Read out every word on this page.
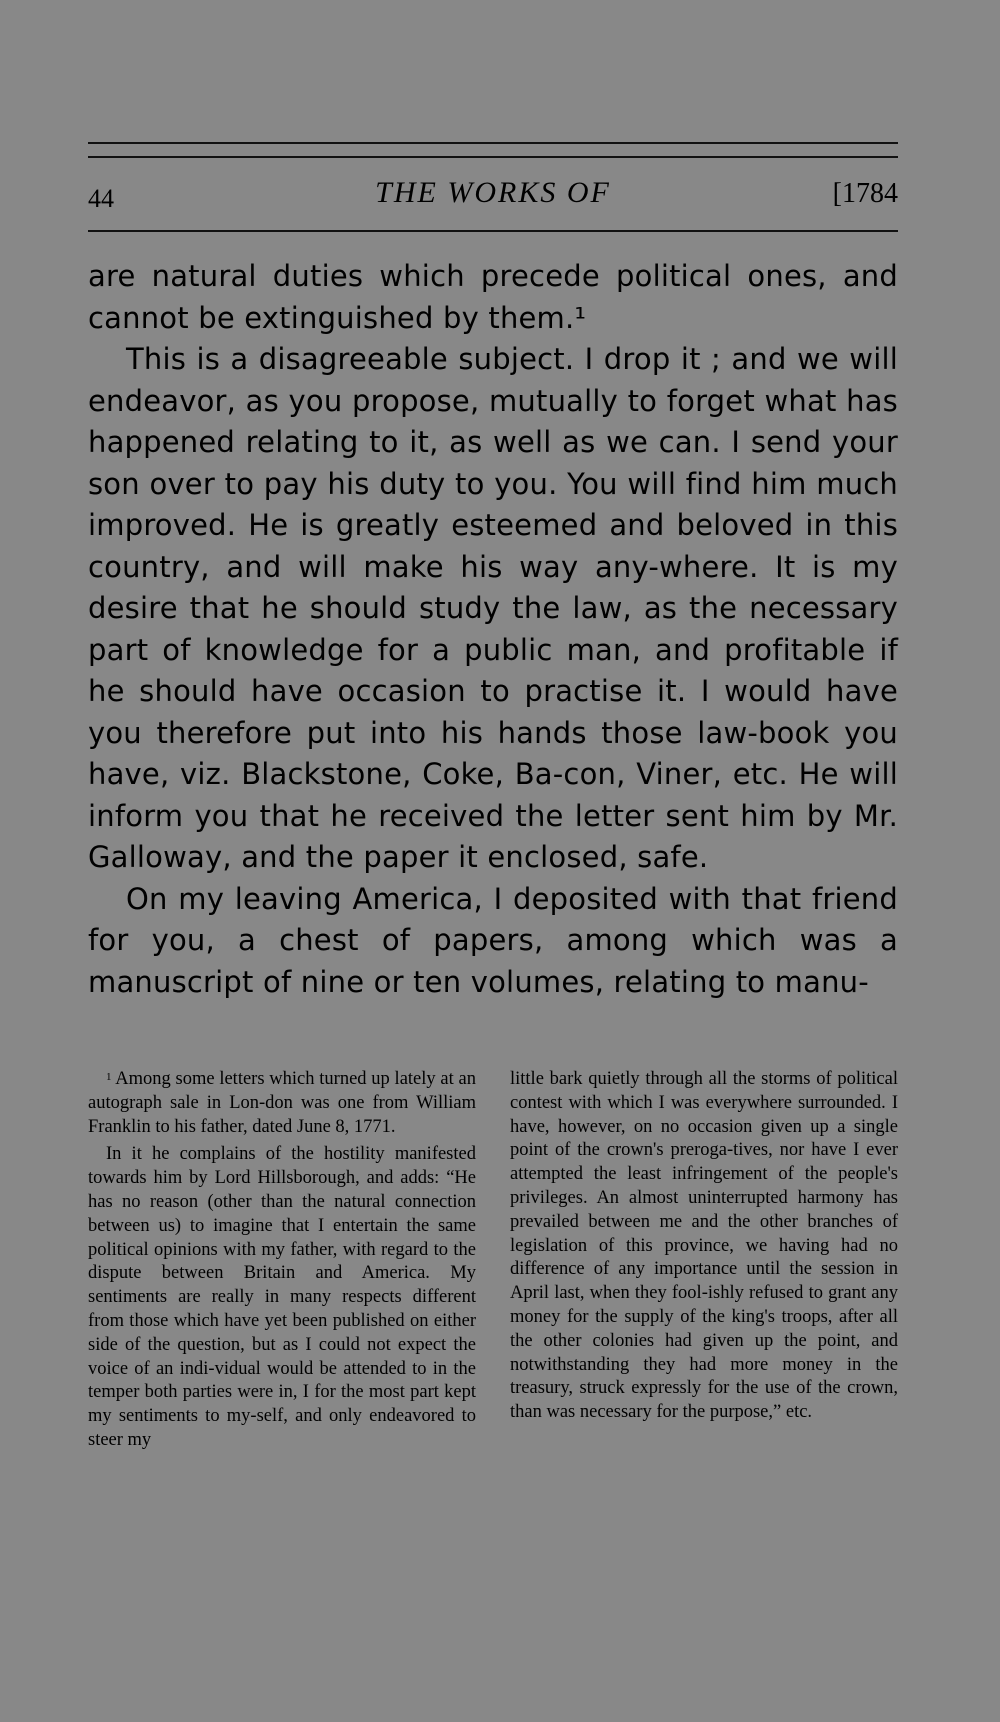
44	THE WORKS OF	[1784

are natural duties which precede political ones, and cannot be extinguished by them.¹

This is a disagreeable subject. I drop it ; and we will endeavor, as you propose, mutually to forget what has happened relating to it, as well as we can. I send your son over to pay his duty to you. You will find him much improved. He is greatly esteemed and beloved in this country, and will make his way any-where. It is my desire that he should study the law, as the necessary part of knowledge for a public man, and profitable if he should have occasion to practise it. I would have you therefore put into his hands those law-book you have, viz. Blackstone, Coke, Ba-con, Viner, etc. He will inform you that he received the letter sent him by Mr. Galloway, and the paper it enclosed, safe.

On my leaving America, I deposited with that friend for you, a chest of papers, among which was a manuscript of nine or ten volumes, relating to manu-

$^1$ Among some letters which turned up lately at an autograph sale in Lon-don was one from William Franklin to his father, dated June 8, 1771.

In it he complains of the hostility manifested towards him by Lord Hillsborough, and adds: “He has no reason (other than the natural connection between us) to imagine that I entertain the same political opinions with my father, with regard to the dispute between Britain and America. My sentiments are really in many respects different from those which have yet been published on either side of the question, but as I could not expect the voice of an indi-vidual would be attended to in the temper both parties were in, I for the most part kept my sentiments to my-self, and only endeavored to steer my

little bark quietly through all the storms of political contest with which I was everywhere surrounded. I have, however, on no occasion given up a single point of the crown's preroga-tives, nor have I ever attempted the least infringement of the people's privileges. An almost uninterrupted harmony has prevailed between me and the other branches of legislation of this province, we having had no difference of any importance until the session in April last, when they fool-ishly refused to grant any money for the supply of the king's troops, after all the other colonies had given up the point, and notwithstanding they had more money in the treasury, struck expressly for the use of the crown, than was necessary for the purpose,” etc.
